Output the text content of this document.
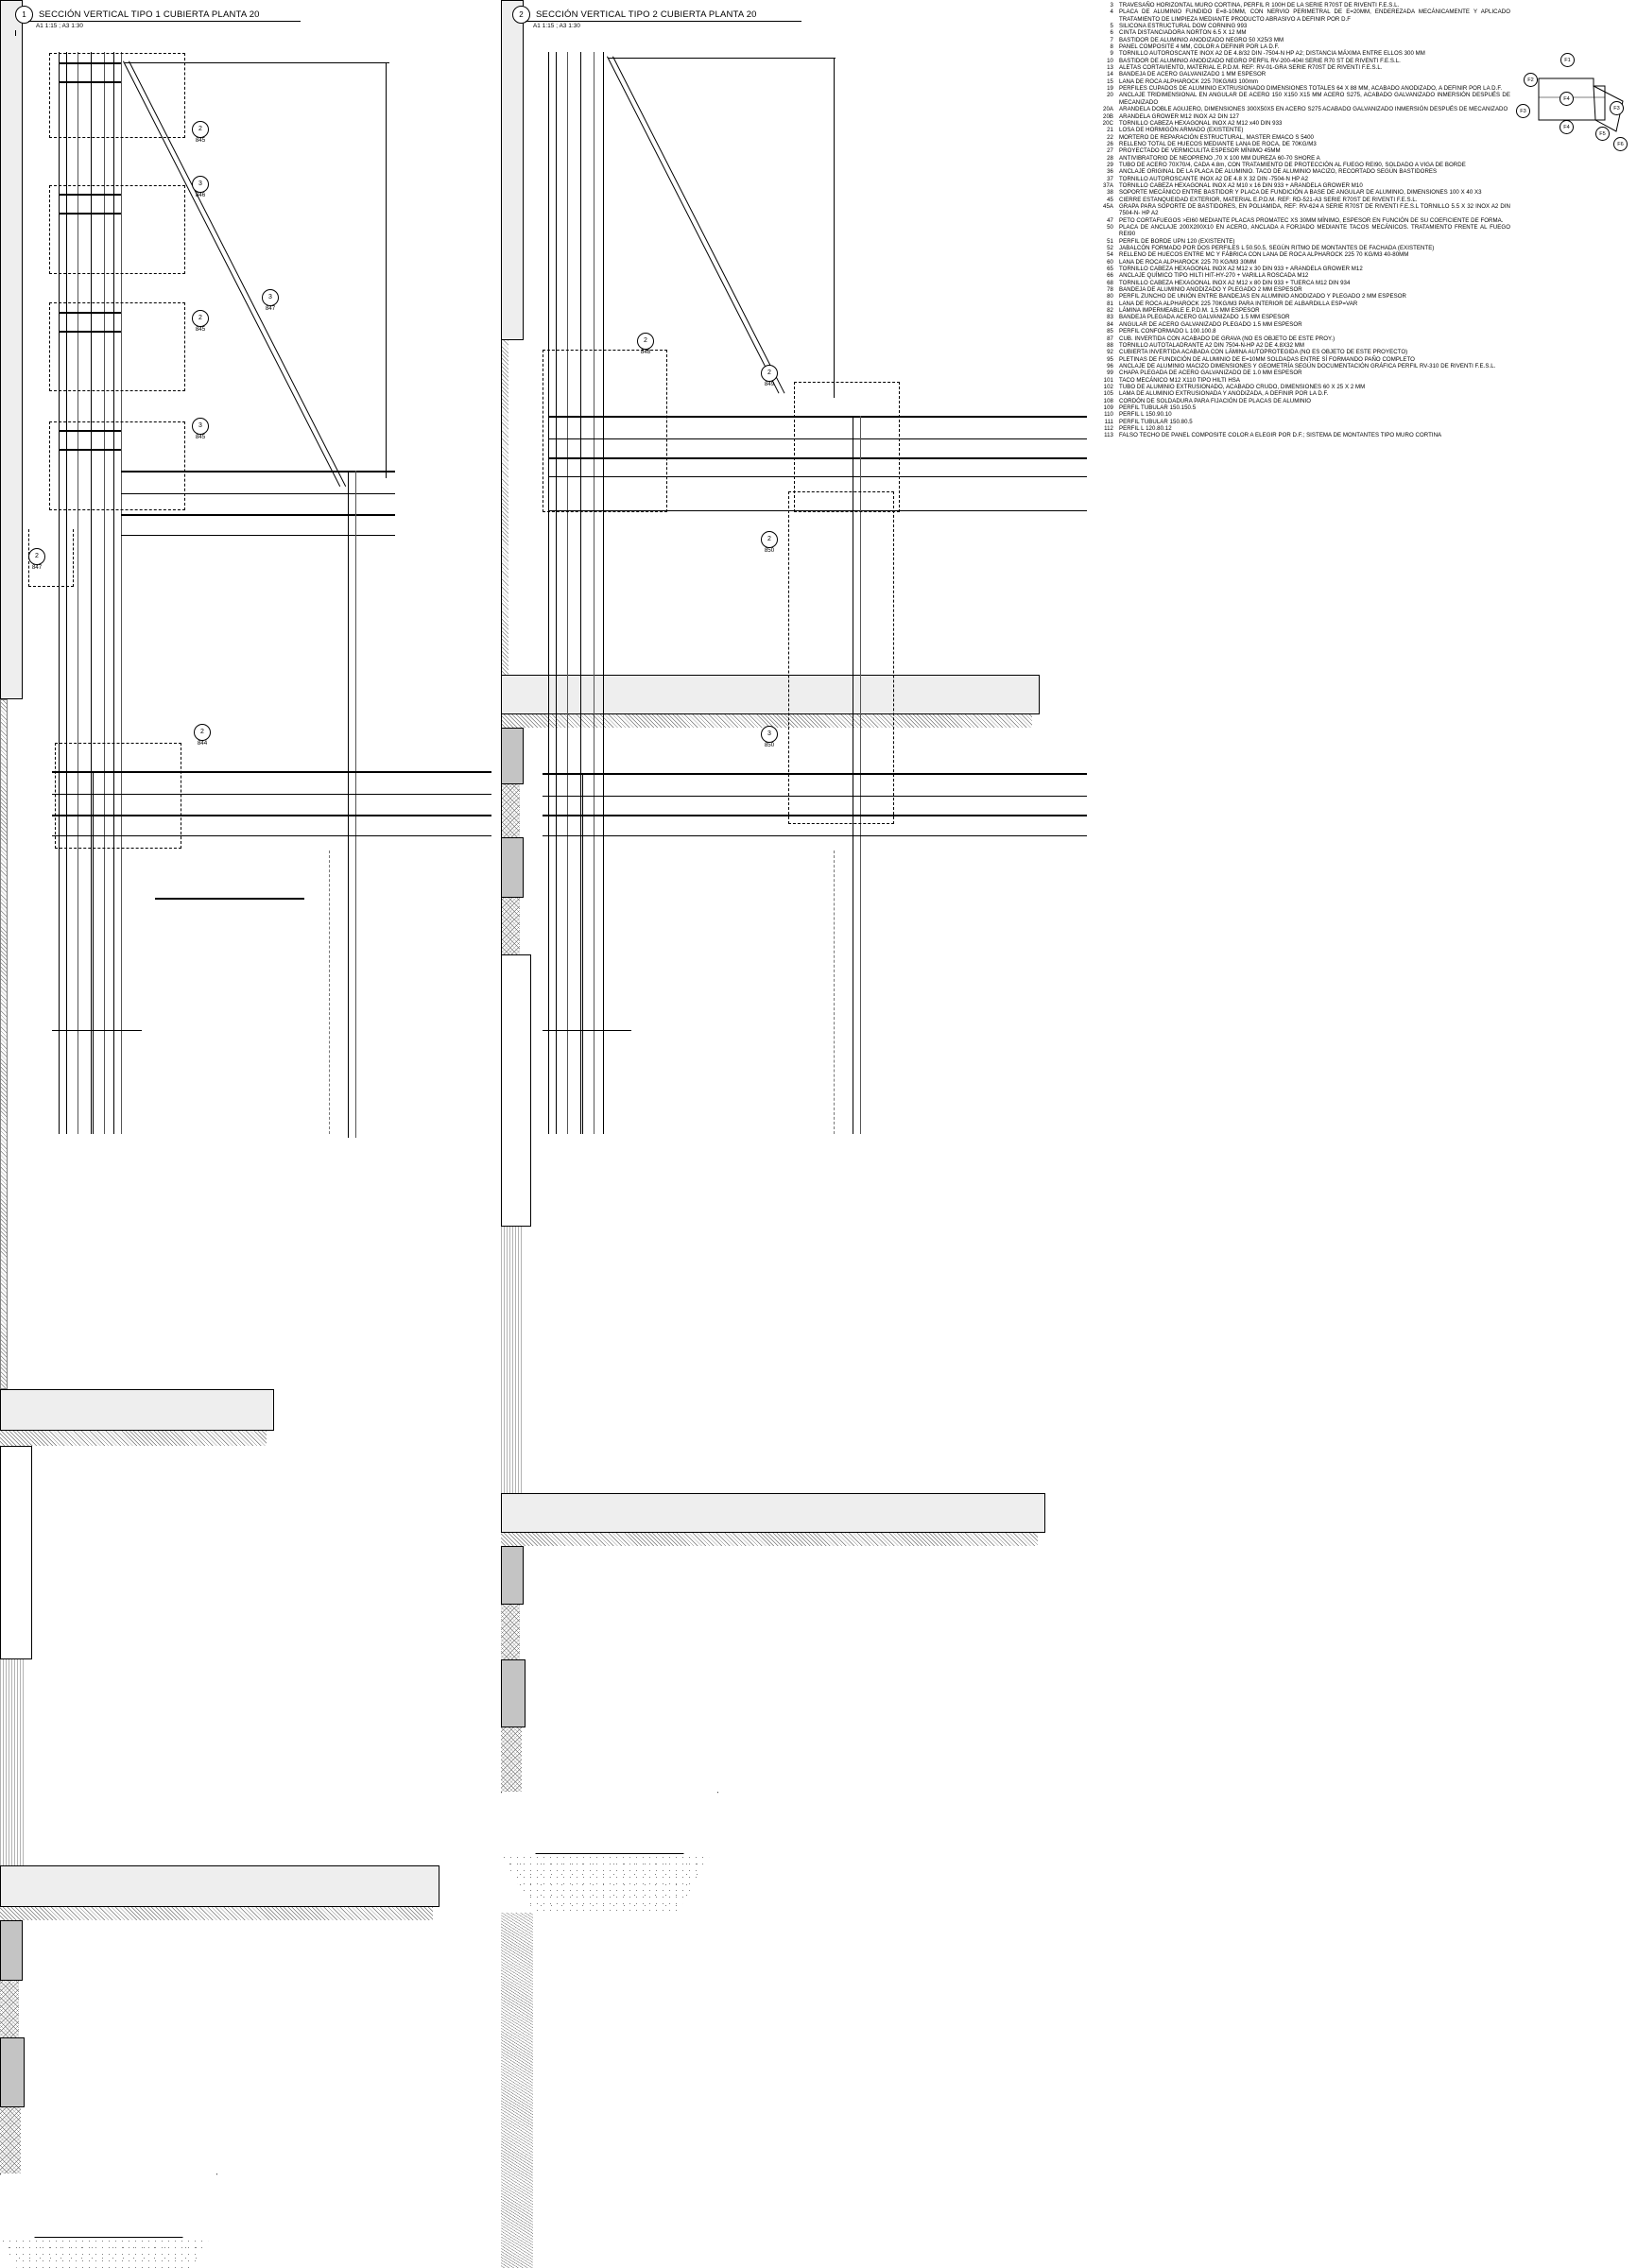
1	SECCIÓN VERTICAL TIPO 1 CUBIERTA PLANTA 20
A1 1:15 ; A3 1:30
2
845
3
846
2
845
3
847
3
845
2
847
2
844
2	SECCIÓN VERTICAL TIPO 2 CUBIERTA PLANTA 20
A1 1:15 ; A3 1:30
2
848
2
849
2
850
3
850
3 TRAVESAÑO HORIZONTAL MURO CORTINA, PERFIL R 100H DE LA SERIE R70ST DE RIVENTI F.E.S.L.
4 PLACA DE ALUMINIO FUNDIDO E=8-10MM, CON NERVIO PERIMETRAL DE E=20MM, ENDEREZADA MECÁNICAMENTE Y APLICADO TRATAMIENTO DE LIMPIEZA MEDIANTE PRODUCTO ABRASIVO A DEFINIR POR D.F
5 SILICONA ESTRUCTURAL DOW CORNING 993
6 CINTA DISTANCIADORA NORTON 6.5 X 12 MM
7 BASTIDOR DE ALUMINIO ANODIZADO NEGRO 50 X25/3 MM
8 PANEL COMPOSITE 4 MM, COLOR A DEFINIR POR LA D.F.
9 TORNILLO AUTOROSCANTE INOX A2 DE 4.8/32 DIN -7504-N HP A2; DISTANCIA MÁXIMA ENTRE ELLOS 300 MM
10 BASTIDOR DE ALUMINIO ANODIZADO NEGRO PERFIL RV-200-404I SERIE R70 ST DE RIVENTI F.E.S.L.
13 ALETAS CORTAVIENTO, MATERIAL E.P.D.M. REF: RV-01-GRA SERIE R70ST DE RIVENTI F.E.S.L.
14 BANDEJA DE ACERO GALVANIZADO 1 MM ESPESOR
15 LANA DE ROCA ALPHAROCK 225 70KG/M3 100mm
19 PERFILES CUPADOS DE ALUMINIO EXTRUSIONADO DIMENSIONES TOTALES 64 X 88 MM, ACABADO ANODIZADO, A DEFINIR POR LA D.F.
20 ANCLAJE TRIDIMENSIONAL EN ANGULAR DE ACERO 150 X150 X15 MM ACERO S275, ACABADO GALVANIZADO INMERSIÓN DESPUÉS DE MECANIZADO
20A ARANDELA DOBLE AGUJERO, DIMENSIONES 300X50X5 EN ACERO S275 ACABADO GALVANIZADO INMERSIÓN DESPUÉS DE MECANIZADO
20B ARANDELA GROWER M12 INOX A2 DIN 127
20C TORNILLO CABEZA HEXAGONAL INOX A2 M12 x40 DIN 933
21 LOSA DE HORMIGÓN ARMADO (EXISTENTE)
22 MORTERO DE REPARACIÓN ESTRUCTURAL, MASTER EMACO S 5400
26 RELLENO TOTAL DE HUECOS MEDIANTE LANA DE ROCA, DE 70KG/M3
27 PROYECTADO DE VERMICULITA ESPESOR MÍNIMO 45MM
28 ANTIVIBRATORIO DE NEOPRENO ,70 X 100 MM DUREZA 60-70 SHORE A
29 TUBO DE ACERO 70X70/4, CADA 4.8m, CON TRATAMIENTO DE PROTECCIÓN AL FUEGO REI90, SOLDADO A VIGA DE BORDE
36 ANCLAJE ORIGINAL DE LA PLACA DE ALUMINIO. TACO DE ALUMINIO MACIZO, RECORTADO SEGÚN BASTIDORES
37 TORNILLO AUTOROSCANTE INOX A2 DE 4.8 X 32 DIN -7504-N HP A2
37A TORNILLO CABEZA HEXAGONAL INOX A2 M10 x 16 DIN 933 + ARANDELA GROWER M10
38 SOPORTE MECÁNICO ENTRE BASTIDOR Y PLACA DE FUNDICIÓN A BASE DE ANGULAR DE ALUMINIO, DIMENSIONES 100 X 40 X3
45 CIERRE ESTANQUEIDAD EXTERIOR, MATERIAL E.P.D.M. REF: RD-521-A3 SERIE R70ST DE RIVENTI F.E.S.L.
45A GRAPA PARA SOPORTE DE BASTIDORES, EN POLIAMIDA, REF: RV-624 A SERIE R70ST DE RIVENTI F.E.S.L TORNILLO 5.5 X 32 INOX A2 DIN 7504-N- HP A2
47 PETO CORTAFUEGOS >EI60 MEDIANTE PLACAS PROMATEC XS 30MM MÍNIMO, ESPESOR EN FUNCIÓN DE SU COEFICIENTE DE FORMA.
50 PLACA DE ANCLAJE 200X200X10 EN ACERO, ANCLADA A FORJADO MEDIANTE TACOS MECÁNICOS. TRATAMIENTO FRENTE AL FUEGO REI90
51 PERFIL DE BORDE UPN 120 (EXISTENTE)
52 JABALCÓN FORMADO POR DOS PERFILES L 50.50.5, SEGÚN RITMO DE MONTANTES DE FACHADA (EXISTENTE)
54 RELLENO DE HUECOS ENTRE MC Y FÁBRICA CON LANA DE ROCA ALPHAROCK 225 70 KG/M3 40-80MM
60 LANA DE ROCA ALPHAROCK 225 70 KG/M3 30MM
65 TORNILLO CABEZA HEXAGONAL INOX A2 M12 x 30 DIN 933 + ARANDELA GROWER M12
66 ANCLAJE QUÍMICO TIPO HILTI HIT-HY-270 + VARILLA ROSCADA M12
68 TORNILLO CABEZA HEXAGONAL INOX A2 M12 x 80 DIN 933 + TUERCA M12 DIN 934
78 BANDEJA DE ALUMINIO ANODIZADO Y PLEGADO 2 MM ESPESOR
80 PERFIL ZUNCHO DE UNIÓN ENTRE BANDEJAS EN ALUMINIO ANODIZADO Y PLEGADO 2 MM ESPESOR
81 LANA DE ROCA ALPHAROCK 225 70KG/M3 PARA INTERIOR DE ALBARDILLA ESP=VAR
82 LÁMINA IMPERMEABLE E.P.D.M. 1,5 MM ESPESOR
83 BANDEJA PLEGADA ACERO GALVANIZADO 1.5 MM ESPESOR
84 ANGULAR DE ACERO GALVANIZADO PLEGADO 1.5 MM ESPESOR
85 PERFIL CONFORMADO L 100.100.8
87 CUB. INVERTIDA CON ACABADO DE GRAVA (NO ES OBJETO DE ESTE PROY.)
88 TORNILLO AUTOTALADRANTE A2 DIN 7504-N-HP A2 DE 4.8X32 MM
92 CUBIERTA INVERTIDA ACABADA CON LÁMINA AUTOPROTEGIDA (NO ES OBJETO DE ESTE PROYECTO)
95 PLETINAS DE FUNDICIÓN DE ALUMINIO DE E=10MM SOLDADAS ENTRE SÍ FORMANDO PAÑO COMPLETO
96 ANCLAJE DE ALUMINIO MACIZO DIMENSIONES Y GEOMETRÍA SEGÚN DOCUMENTACIÓN GRÁFICA PERFIL RV-310 DE RIVENTI F.E.S.L.
99 CHAPA PLEGADA DE ACERO GALVANIZADO DE 1.0 MM ESPESOR
101 TACO MECÁNICO M12 X110 TIPO HILTI HSA
102 TUBO DE ALUMINIO EXTRUSIONADO, ACABADO CRUDO, DIMENSIONES 60 X 25 X 2 MM
105 LAMA DE ALUMINIO EXTRUSIONADA Y ANODIZADA, A DEFINIR POR LA D.F.
108 CORDÓN DE SOLDADURA PARA FIJACIÓN DE PLACAS DE ALUMINIO
109 PERFIL TUBULAR 150.150.5
110 PERFIL L 150.90.10
111 PERFIL TUBULAR 150.80.5
112 PERFIL L 120.80.12
113 FALSO TECHO DE PANEL COMPOSITE COLOR A ELEGIR POR D.F.; SISTEMA DE MONTANTES TIPO MURO CORTINA
F1
F2
F3
F4
F4
F3
F5
F6
